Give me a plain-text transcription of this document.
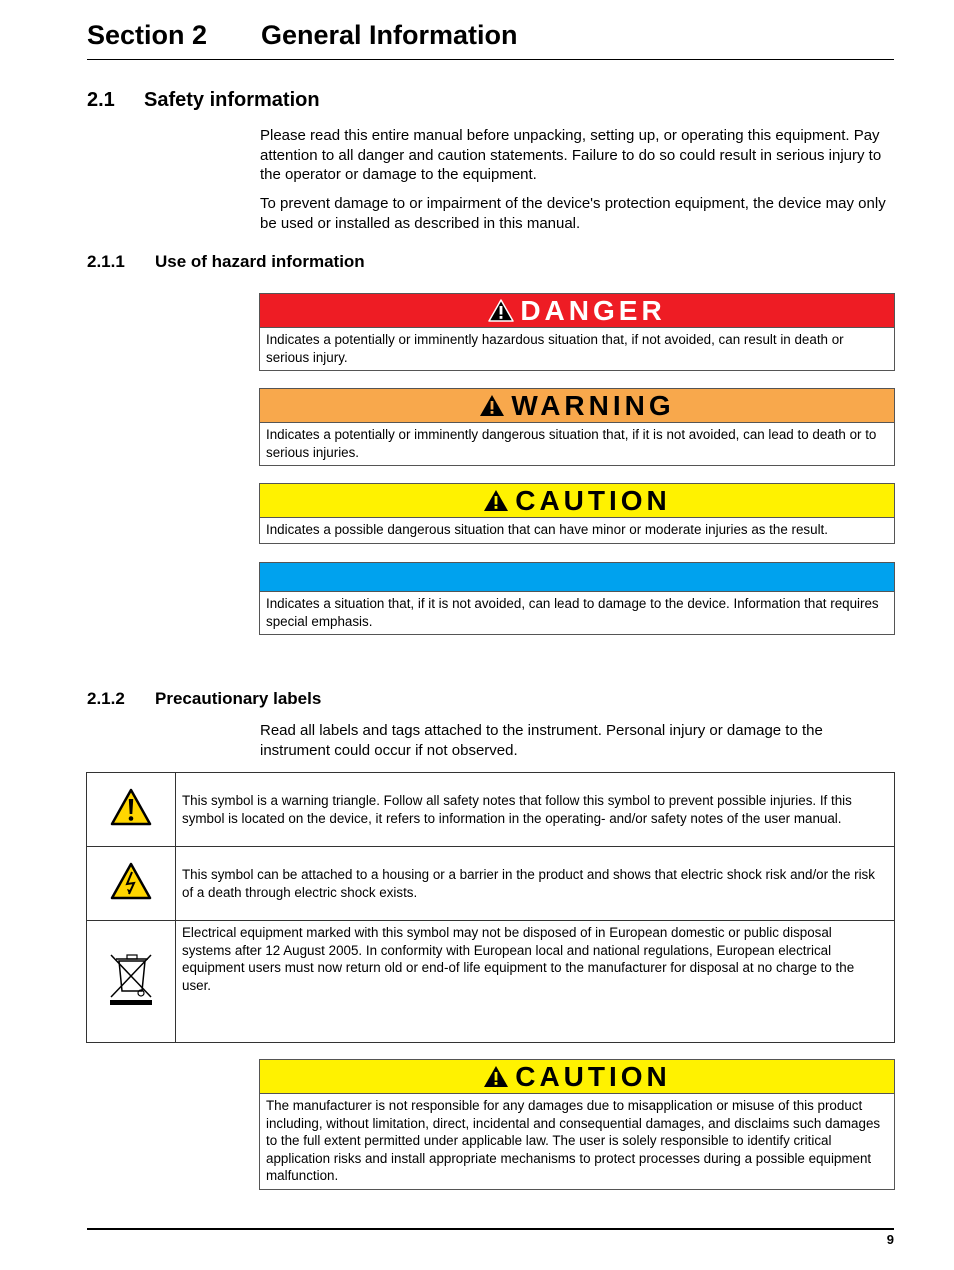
Section 2 General Information
2.1 Safety information

Please read this entire manual before unpacking, setting up, or operating this equipment. Pay attention to all danger and caution statements. Failure to do so could result in serious injury to the operator or damage to the equipment.

To prevent damage to or impairment of the device's protection equipment, the device may only be used or installed as described in this manual.

2.1.1 Use of hazard information
DANGER
Indicates a potentially or imminently hazardous situation that, if not avoided, can result in death or serious injury.
WARNING
Indicates a potentially or imminently dangerous situation that, if it is not avoided, can lead to death or to serious injuries.
CAUTION
Indicates a possible dangerous situation that can have minor or moderate injuries as the result.
Indicates a situation that, if it is not avoided, can lead to damage to the device. Information that requires special emphasis.
2.1.2 Precautionary labels

Read all labels and tags attached to the instrument. Personal injury or damage to the instrument could occur if not observed.

	This symbol is a warning triangle. Follow all safety notes that follow this symbol to prevent possible injuries. If this symbol is located on the device, it refers to information in the operating- and/or safety notes of the user manual.
	This symbol can be attached to a housing or a barrier in the product and shows that electric shock risk and/or the risk of a death through electric shock exists.
	Electrical equipment marked with this symbol may not be disposed of in European domestic or public disposal systems after 12 August 2005. In conformity with European local and national regulations, European electrical equipment users must now return old or end-of life equipment to the manufacturer for disposal at no charge to the user.
CAUTION
The manufacturer is not responsible for any damages due to misapplication or misuse of this product including, without limitation, direct, incidental and consequential damages, and disclaims such damages to the full extent permitted under applicable law. The user is solely responsible to identify critical application risks and install appropriate mechanisms to protect processes during a possible equipment malfunction.
9
